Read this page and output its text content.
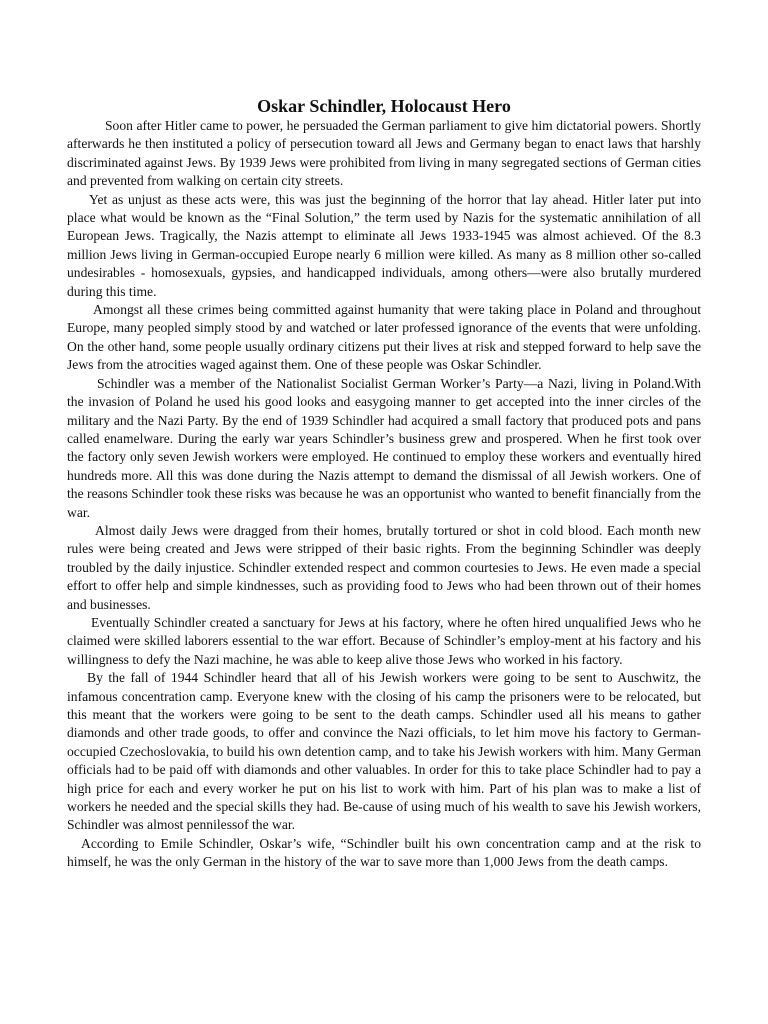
Oskar Schindler, Holocaust Hero

Soon after Hitler came to power, he persuaded the German parliament to give him dictatorial powers. Shortly afterwards he then instituted a policy of persecution toward all Jews and Germany began to enact laws that harshly discriminated against Jews. By 1939 Jews were prohibited from living in many segregated sections of German cities and prevented from walking on certain city streets.

Yet as unjust as these acts were, this was just the beginning of the horror that lay ahead. Hitler later put into place what would be known as the “Final Solution,” the term used by Nazis for the systematic annihilation of all European Jews. Tragically, the Nazis attempt to eliminate all Jews 1933-1945 was almost achieved. Of the 8.3 million Jews living in German-occupied Europe nearly 6 million were killed. As many as 8 million other so-called undesirables - homosexuals, gypsies, and handicapped individuals, among others—were also brutally murdered during this time.

Amongst all these crimes being committed against humanity that were taking place in Poland and throughout Europe, many peopled simply stood by and watched or later professed ignorance of the events that were unfolding. On the other hand, some people usually ordinary citizens put their lives at risk and stepped forward to help save the Jews from the atrocities waged against them. One of these people was Oskar Schindler.

Schindler was a member of the Nationalist Socialist German Worker’s Party—a Nazi, living in Poland.With the invasion of Poland he used his good looks and easygoing manner to get accepted into the inner circles of the military and the Nazi Party. By the end of 1939 Schindler had acquired a small factory that produced pots and pans called enamelware. During the early war years Schindler’s business grew and prospered. When he first took over the factory only seven Jewish workers were employed. He continued to employ these workers and eventually hired hundreds more. All this was done during the Nazis attempt to demand the dismissal of all Jewish workers. One of the reasons Schindler took these risks was because he was an opportunist who wanted to benefit financially from the war.

Almost daily Jews were dragged from their homes, brutally tortured or shot in cold blood. Each month new rules were being created and Jews were stripped of their basic rights. From the beginning Schindler was deeply troubled by the daily injustice. Schindler extended respect and common courtesies to Jews. He even made a special effort to offer help and simple kindnesses, such as providing food to Jews who had been thrown out of their homes and businesses.

Eventually Schindler created a sanctuary for Jews at his factory, where he often hired unqualified Jews who he claimed were skilled laborers essential to the war effort. Because of Schindler’s employ-ment at his factory and his willingness to defy the Nazi machine, he was able to keep alive those Jews who worked in his factory.

By the fall of 1944 Schindler heard that all of his Jewish workers were going to be sent to Auschwitz, the infamous concentration camp. Everyone knew with the closing of his camp the prisoners were to be relocated, but this meant that the workers were going to be sent to the death camps. Schindler used all his means to gather diamonds and other trade goods, to offer and convince the Nazi officials, to let him move his factory to German-occupied Czechoslovakia, to build his own detention camp, and to take his Jewish workers with him. Many German officials had to be paid off with diamonds and other valuables. In order for this to take place Schindler had to pay a high price for each and every worker he put on his list to work with him. Part of his plan was to make a list of workers he needed and the special skills they had. Be-cause of using much of his wealth to save his Jewish workers, Schindler was almost pennilessof the war.

According to Emile Schindler, Oskar’s wife, “Schindler built his own concentration camp and at the risk to himself, he was the only German in the history of the war to save more than 1,000 Jews from the death camps.
